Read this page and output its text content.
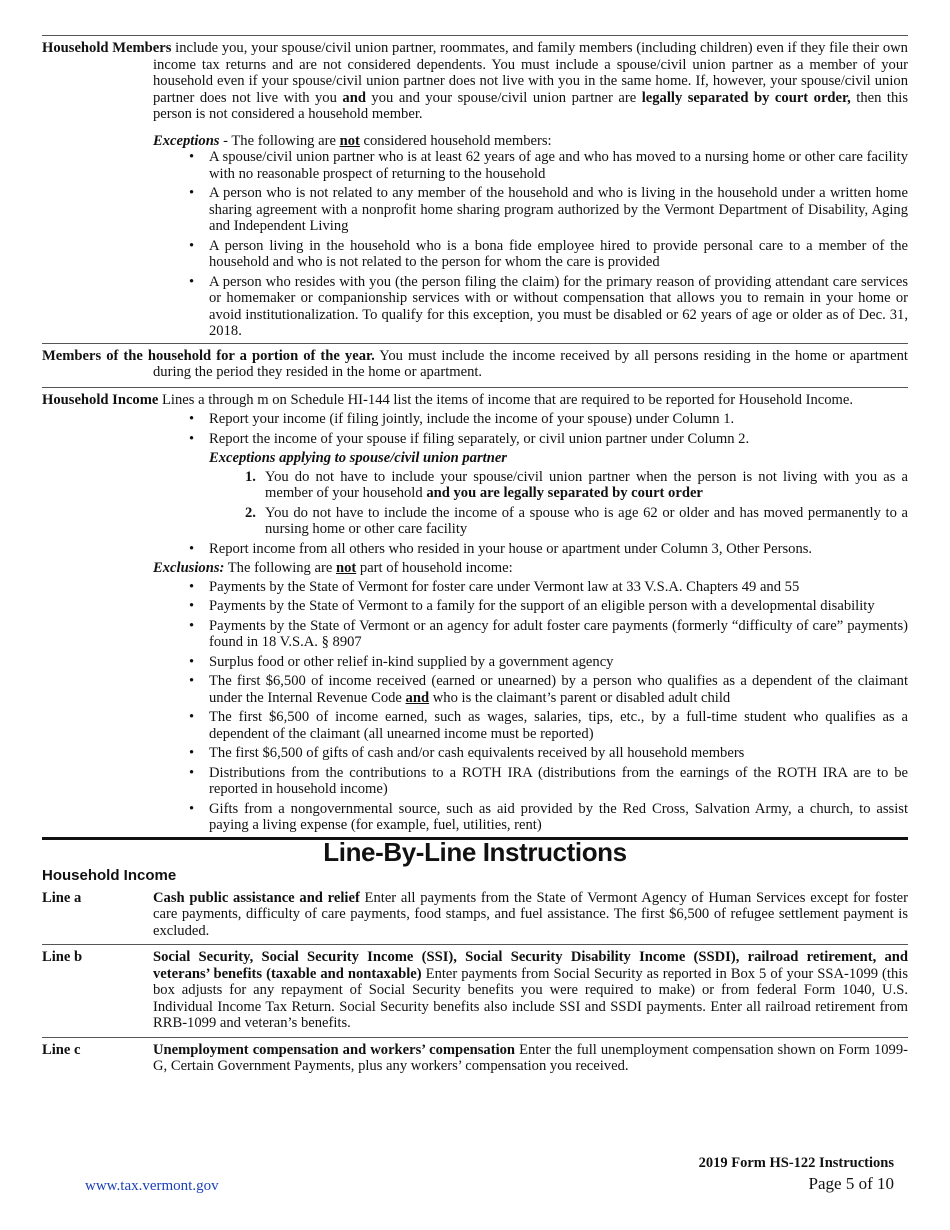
Household Members include you, your spouse/civil union partner, roommates, and family members (including children) even if they file their own income tax returns and are not considered dependents. You must include a spouse/civil union partner as a member of your household even if your spouse/civil union partner does not live with you in the same home. If, however, your spouse/civil union partner does not live with you and you and your spouse/civil union partner are legally separated by court order, then this person is not considered a household member.
Exceptions - The following are not considered household members:
• A spouse/civil union partner who is at least 62 years of age and who has moved to a nursing home or other care facility with no reasonable prospect of returning to the household
• A person who is not related to any member of the household and who is living in the household under a written home sharing agreement with a nonprofit home sharing program authorized by the Vermont Department of Disability, Aging and Independent Living
• A person living in the household who is a bona fide employee hired to provide personal care to a member of the household and who is not related to the person for whom the care is provided
• A person who resides with you (the person filing the claim) for the primary reason of providing attendant care services or homemaker or companionship services with or without compensation that allows you to remain in your home or avoid institutionalization. To qualify for this exception, you must be disabled or 62 years of age or older as of Dec. 31, 2018.
Members of the household for a portion of the year. You must include the income received by all persons residing in the home or apartment during the period they resided in the home or apartment.
Household Income Lines a through m on Schedule HI-144 list the items of income that are required to be reported for Household Income.
• Report your income (if filing jointly, include the income of your spouse) under Column 1.
• Report the income of your spouse if filing separately, or civil union partner under Column 2.
Exceptions applying to spouse/civil union partner
1. You do not have to include your spouse/civil union partner when the person is not living with you as a member of your household and you are legally separated by court order
2. You do not have to include the income of a spouse who is age 62 or older and has moved permanently to a nursing home or other care facility
• Report income from all others who resided in your house or apartment under Column 3, Other Persons.
Exclusions: The following are not part of household income:
• Payments by the State of Vermont for foster care under Vermont law at 33 V.S.A. Chapters 49 and 55
• Payments by the State of Vermont to a family for the support of an eligible person with a developmental disability
• Payments by the State of Vermont or an agency for adult foster care payments (formerly “difficulty of care” payments) found in 18 V.S.A. § 8907
• Surplus food or other relief in-kind supplied by a government agency
• The first $6,500 of income received (earned or unearned) by a person who qualifies as a dependent of the claimant under the Internal Revenue Code and who is the claimant’s parent or disabled adult child
• The first $6,500 of income earned, such as wages, salaries, tips, etc., by a full-time student who qualifies as a dependent of the claimant (all unearned income must be reported)
• The first $6,500 of gifts of cash and/or cash equivalents received by all household members
• Distributions from the contributions to a ROTH IRA (distributions from the earnings of the ROTH IRA are to be reported in household income)
• Gifts from a nongovernmental source, such as aid provided by the Red Cross, Salvation Army, a church, to assist paying a living expense (for example, fuel, utilities, rent)
Line-By-Line Instructions
Household Income
Line a	Cash public assistance and relief Enter all payments from the State of Vermont Agency of Human Services except for foster care payments, difficulty of care payments, food stamps, and fuel assistance. The first $6,500 of refugee settlement payment is excluded.
Line b	Social Security, Social Security Income (SSI), Social Security Disability Income (SSDI), railroad retirement, and veterans’ benefits (taxable and nontaxable) Enter payments from Social Security as reported in Box 5 of your SSA-1099 (this box adjusts for any repayment of Social Security benefits you were required to make) or from federal Form 1040, U.S. Individual Income Tax Return. Social Security benefits also include SSI and SSDI payments. Enter all railroad retirement from RRB-1099 and veteran’s benefits.
Line c	Unemployment compensation and workers’ compensation Enter the full unemployment compensation shown on Form 1099-G, Certain Government Payments, plus any workers’ compensation you received.
2019 Form HS-122 Instructions
www.tax.vermont.gov	Page 5 of 10
